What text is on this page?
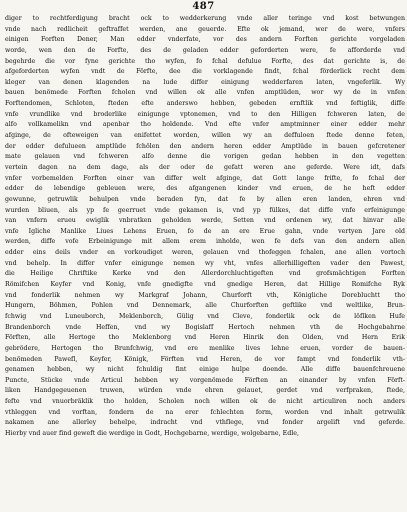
487
diger to rechtferdigung bracht ock to wedderkerung vnde aller teringe vnd kost betwungen
vnde nach redlicheit geftraffet werden, ane geuerde. Efte ok jemand, wer de were, vnfers
einigen Forften Dener, Man edder vnderfate, vor des andern Forften gerichte vorgeladen
worde, wen den de Forfte, des de geladen edder geforderten were, fe afforderde vnd
begehrde die vor fyne gerichte tho wyfen, fo fchal defulue Forfte, des dat gerichte is, de
afgeforderten wyfen vndt de Förfte, dee die vorklagende findt, fchal förderlick recht dem
kleger van denen klagenden na lude differ einigung wedderfaren laten, vngeferlik. Wy
bauen benömede Forften fcholen vnd willen ok alle vnfen amptlüden, wor wy de in vnfen
Forftendomen, Schloten, fteden efte anderswo hebben, gebeden ernftlik vnd feftiglik, diffe
vnfe vrundlike vnd broderlike einigunge vptonemen, vnd to den Hilligen fchweren laten, de
alfo vollkamelikn vnd apenbar tho holdende. Vnd efte vnfer amptminner einer edder mehr
afginge, de ofteweigen van enifettet worden, willen wy an deffuloen ftede denne feten,
der edder defulueen amptlüde fchölen den andern heren edder Amptlüde in bauen gefcretener
mate gelauen vnd fchweren alfo denne die vorigen gedan hebben in den vegetten
vertein dagen na dem dage, als der oder de gefatt weren ane geferde. Were idt, dafs
vnfer vorbemelden Forften einer van differ welt afginge, dat Gott lange frifte, fo fchal der
edder de lebendige gebleuen were, des afgangenen kinder vnd eruen, de he heft edder
gewunne, getruwlik behulpen vnde beraden fyn, dat fe by allen eren landen, ehren vnd
wurden bliuen, als yp fe geerruet vnde gekamen is, vnd yp fülkes, dat diffe vnfe erfeinigunge
van vnfern erueu ewiglik vnbratken geholden werde, Setten vnd ordenen wy, dat hinvar alle
vnfe Igliche Manlike Liues Lehens Eruen, fo de an ere Erue gahn, vnde vertyen Jare old
werden, diffe vofe Erbeinigunge mit allem erem inholde, wen fe defs van den andern allen
edder eins deils vnder en vorkoudiget weren, gelauen vnd thofeggen fchalen, ane allen vortoch
vnd behelp. In differ vnfer einigunge nemen wy vht, vnfes allerhilligeften vader den Pawest,
die Heilige Chriftike Kerke vnd den Allerdorchluchtigeften vnd grofsmächtigen Forften
Römifchen Keyfer vnd Konig, vnfe gnedigfte vnd gnedige Heren, dat Hillige Romifche Ryk
vnd fonderlik nehmen wy Markgraf Johann, Churforft vth, Königliche Dorebluchtt tho
Hungern, Böhmen, Pohlen vnd Dennemark, alle Churforften geftlike vnd weltlike, Brun-
fchwig vnd Luneuborch, Meklenborch, Gülig vnd Cleve, fonderlik ock de löflken Hufe
Brandenborch vnde Heffen, vnd wy Bogislaff Hertoch nehmen vth de Hochgebahrne
Förften, alle Hertoge tho Meklenborg vnd Heren Hinrik den Olden, vnd Hern Erik
gebrödere, Hertogen tho Brunfchwig, vnd ere menlike lives lehne eruen, vorder de bauen-
benömeden Pawefl, Keyfer, Königk, Förften vnd Heren, de vor fampt vnd fonderlik vth-
genamen hebben, wy nicht fchuldig fint einige hulpe doende. Alle diffe bauenfchreuene
Puncte, Stücke vnde Articul hebben wy vorgenömede Förften an einander by vnfen Förft-
liken Handgegeuenen truwen, würden vnde ehren gelauet, gerdet vnd verfpraken, ftede,
fefte vnd vnuorbräklik tho holden, Scholen noch willen ok de nicht articuliren noch anders
vthleggen vnd vorftan, fondern de na erer fchlechten form, worden vnd inhalt getrwulik
nakamen ane allerley behelpe, indracht vnd vthflege, vnd fonder argelift vnd geferde.
Hierby vnd auer find geweft die werdige in Godt, Hochgebarne, werdige, wolgebarne, Edle,
